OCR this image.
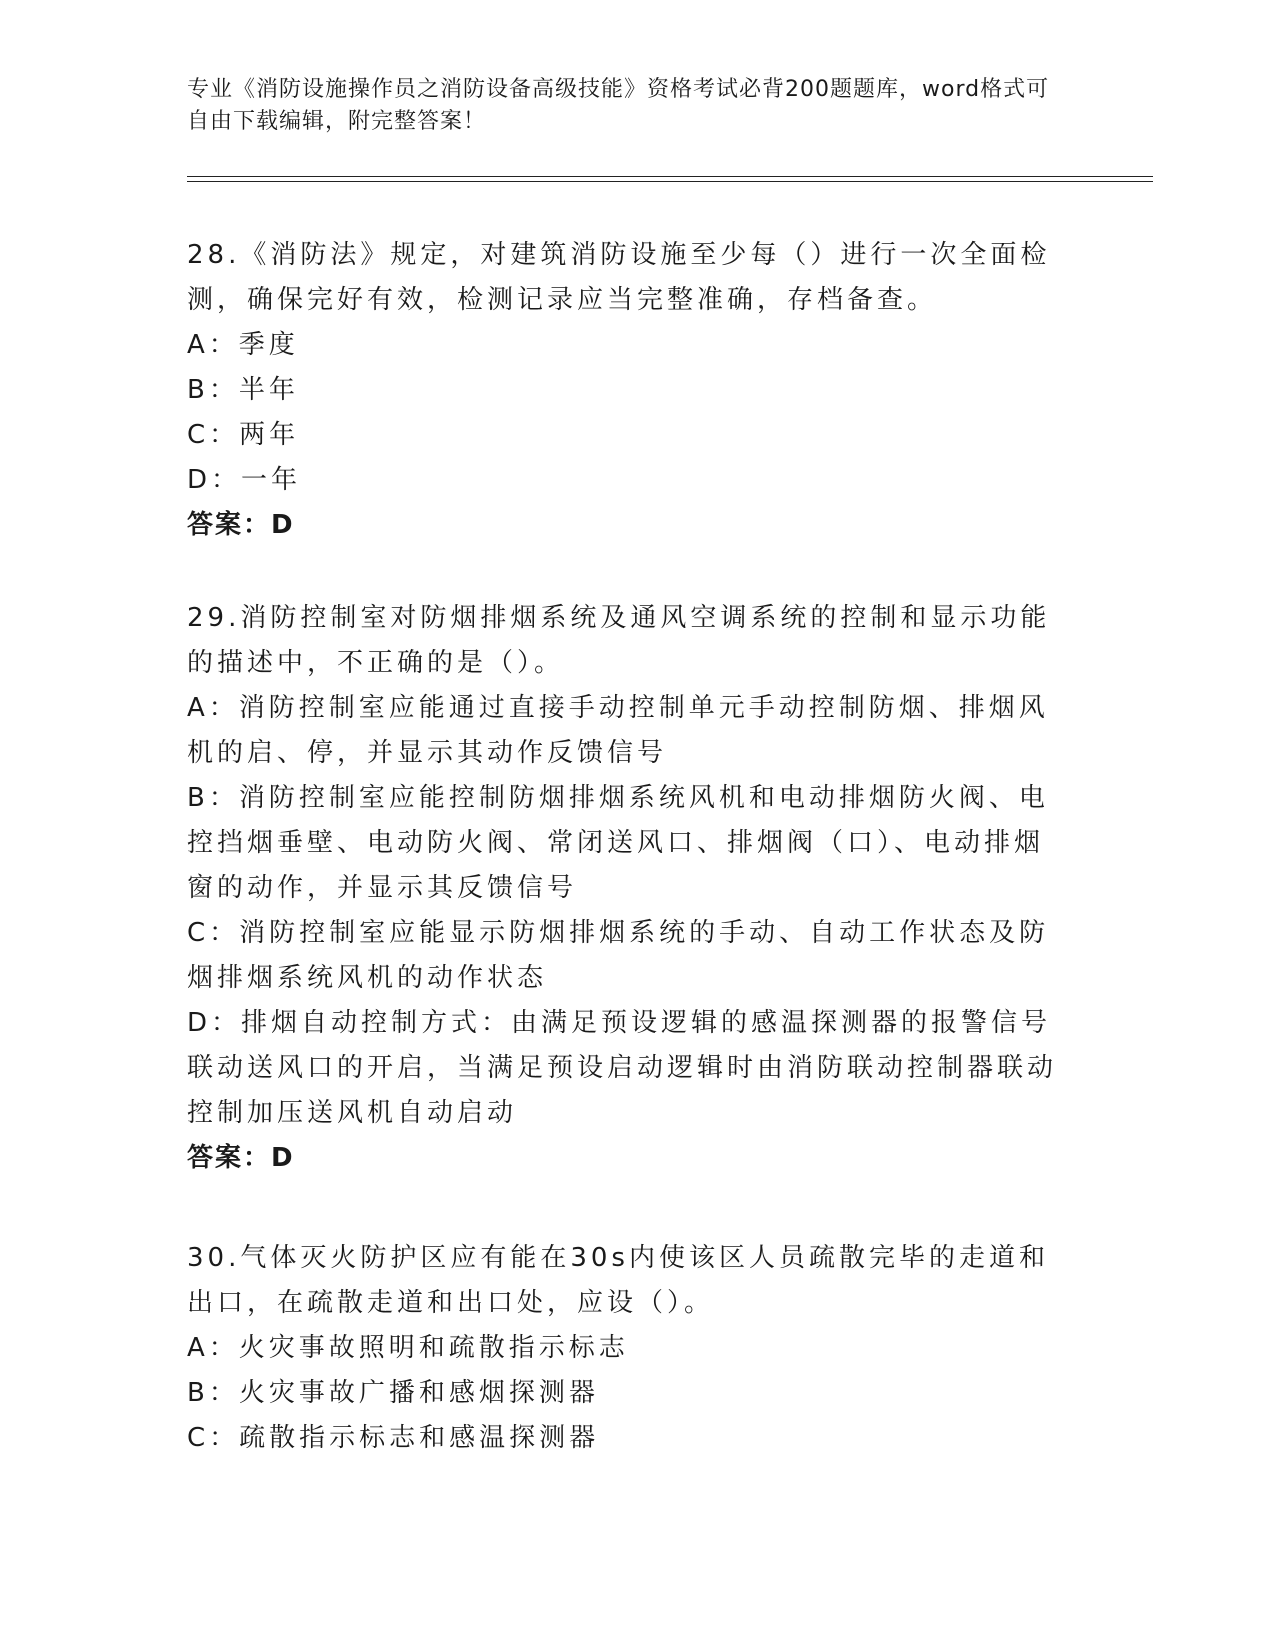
专业《消防设施操作员之消防设备高级技能》资格考试必背200题题库，word格式可自由下载编辑，附完整答案！

28.《消防法》规定，对建筑消防设施至少每（）进行一次全面检测，确保完好有效，检测记录应当完整准确，存档备查。

A：季度

B：半年

C：两年

D：一年

答案：D

29.消防控制室对防烟排烟系统及通风空调系统的控制和显示功能的描述中，不正确的是（）。

A：消防控制室应能通过直接手动控制单元手动控制防烟、排烟风机的启、停，并显示其动作反馈信号

B：消防控制室应能控制防烟排烟系统风机和电动排烟防火阀、电控挡烟垂壁、电动防火阀、常闭送风口、排烟阀（口）、电动排烟窗的动作，并显示其反馈信号

C：消防控制室应能显示防烟排烟系统的手动、自动工作状态及防烟排烟系统风机的动作状态

D：排烟自动控制方式：由满足预设逻辑的感温探测器的报警信号联动送风口的开启，当满足预设启动逻辑时由消防联动控制器联动控制加压送风机自动启动

答案：D

30.气体灭火防护区应有能在30s内使该区人员疏散完毕的走道和出口，在疏散走道和出口处，应设（）。

A：火灾事故照明和疏散指示标志

B：火灾事故广播和感烟探测器

C：疏散指示标志和感温探测器
